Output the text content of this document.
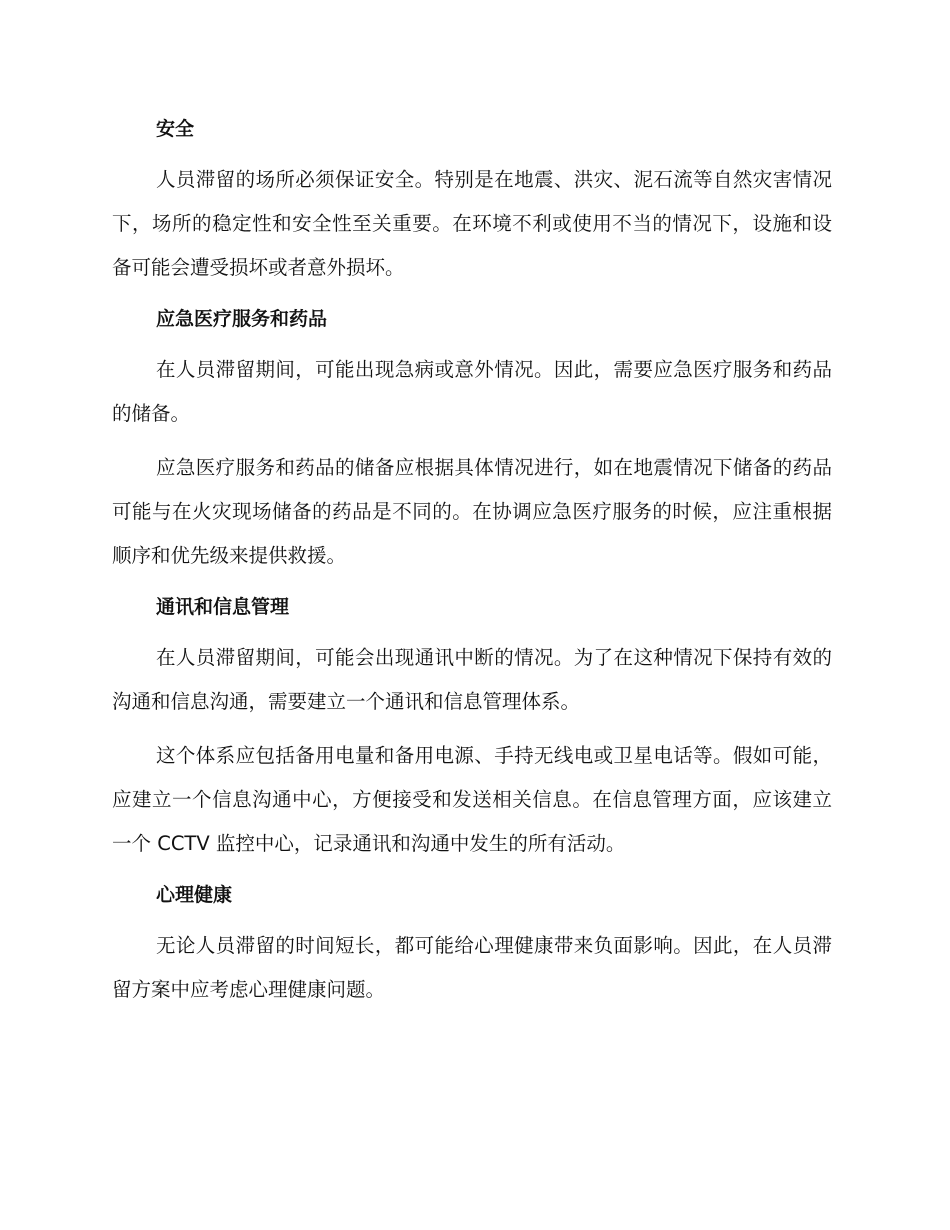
安全
人员滞留的场所必须保证安全。特别是在地震、洪灾、泥石流等自然灾害情况下，场所的稳定性和安全性至关重要。在环境不利或使用不当的情况下，设施和设备可能会遭受损坏或者意外损坏。
应急医疗服务和药品
在人员滞留期间，可能出现急病或意外情况。因此，需要应急医疗服务和药品的储备。
应急医疗服务和药品的储备应根据具体情况进行，如在地震情况下储备的药品可能与在火灾现场储备的药品是不同的。在协调应急医疗服务的时候，应注重根据顺序和优先级来提供救援。
通讯和信息管理
在人员滞留期间，可能会出现通讯中断的情况。为了在这种情况下保持有效的沟通和信息沟通，需要建立一个通讯和信息管理体系。
这个体系应包括备用电量和备用电源、手持无线电或卫星电话等。假如可能，应建立一个信息沟通中心，方便接受和发送相关信息。在信息管理方面，应该建立一个 CCTV 监控中心，记录通讯和沟通中发生的所有活动。
心理健康
无论人员滞留的时间短长，都可能给心理健康带来负面影响。因此，在人员滞留方案中应考虑心理健康问题。
